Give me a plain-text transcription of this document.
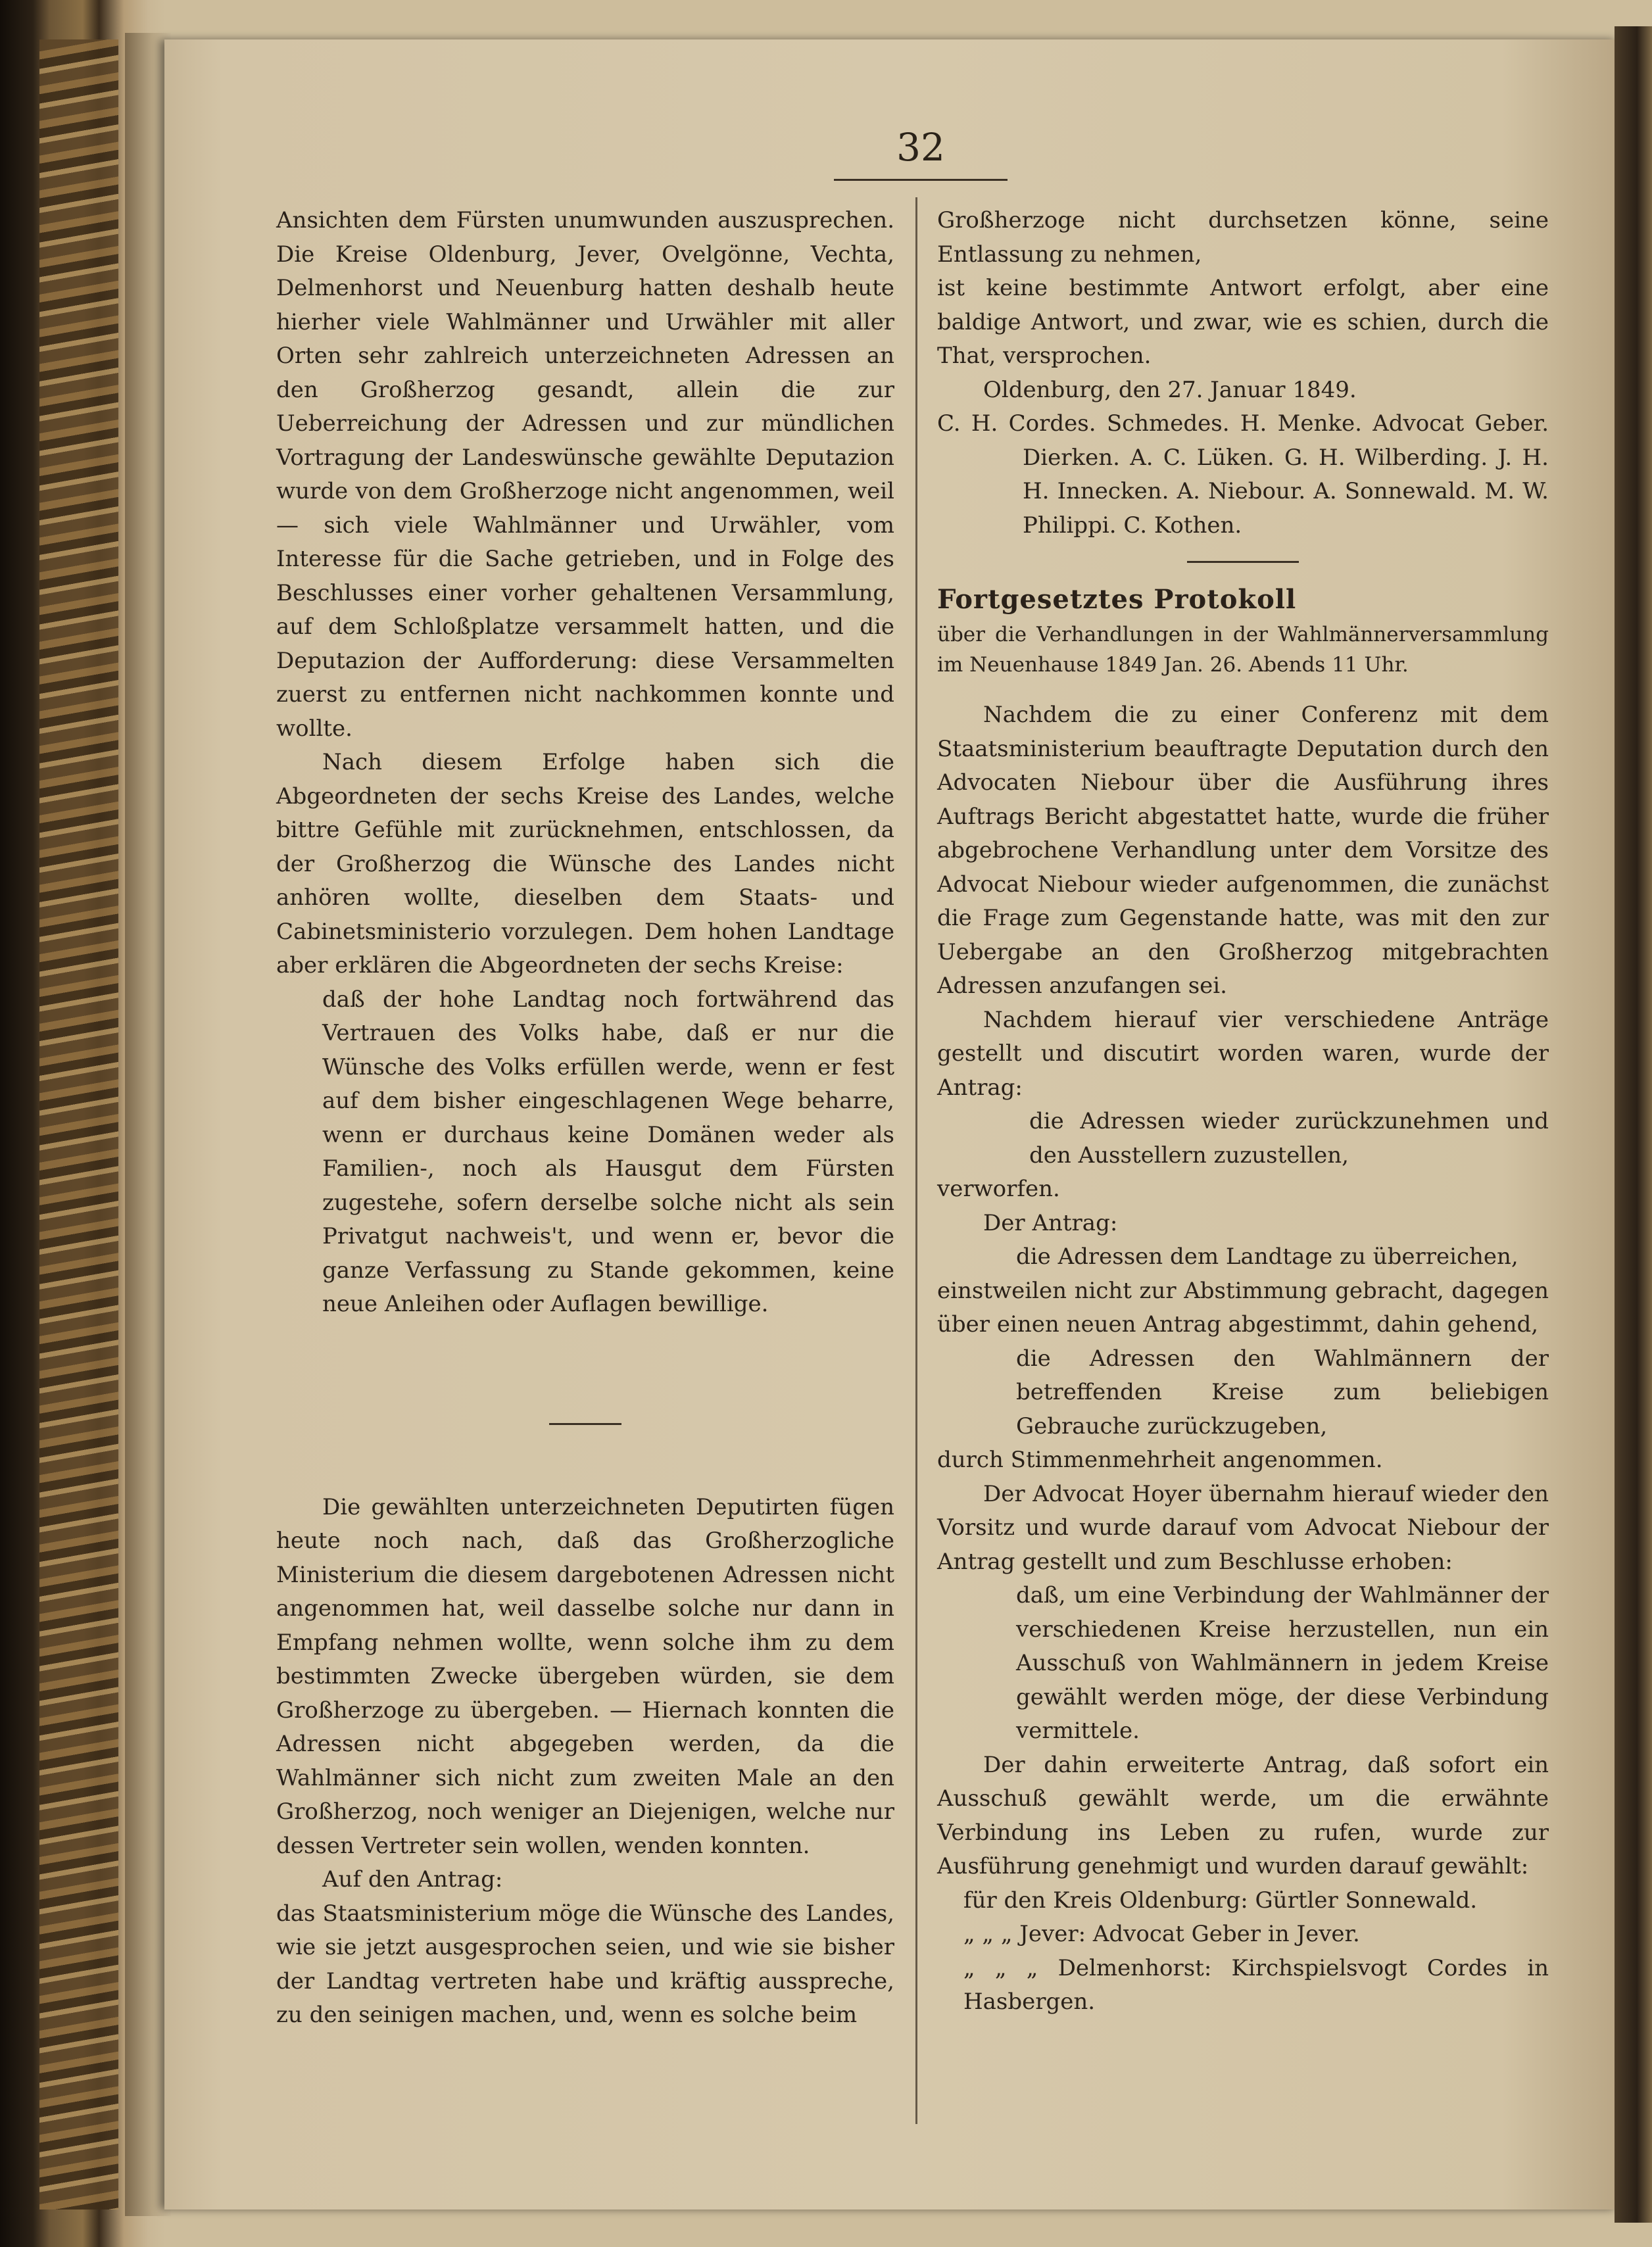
32

Ansichten dem Fürsten unumwunden auszusprechen. Die Kreise Oldenburg, Jever, Ovelgönne, Vechta, Delmenhorst und Neuenburg hatten deshalb heute hierher viele Wahlmänner und Urwähler mit aller Orten sehr zahlreich unterzeichneten Adressen an den Großherzog gesandt, allein die zur Ueberreichung der Adressen und zur mündlichen Vortragung der Landeswünsche gewählte Deputazion wurde von dem Großherzoge nicht angenommen, weil — sich viele Wahlmänner und Urwähler, vom Interesse für die Sache getrieben, und in Folge des Beschlusses einer vorher gehaltenen Versammlung, auf dem Schloßplatze versammelt hatten, und die Deputazion der Aufforderung: diese Versammelten zuerst zu entfernen nicht nachkommen konnte und wollte.

Nach diesem Erfolge haben sich die Abgeordneten der sechs Kreise des Landes, welche bittre Gefühle mit zurücknehmen, entschlossen, da der Großherzog die Wünsche des Landes nicht anhören wollte, dieselben dem Staats- und Cabinetsministerio vorzulegen. Dem hohen Landtage aber erklären die Abgeordneten der sechs Kreise:

daß der hohe Landtag noch fortwährend das Vertrauen des Volks habe, daß er nur die Wünsche des Volks erfüllen werde, wenn er fest auf dem bisher eingeschlagenen Wege beharre, wenn er durchaus keine Domänen weder als Familien-, noch als Hausgut dem Fürsten zugestehe, sofern derselbe solche nicht als sein Privatgut nachweis't, und wenn er, bevor die ganze Verfassung zu Stande gekommen, keine neue Anleihen oder Auflagen bewillige.

Die gewählten unterzeichneten Deputirten fügen heute noch nach, daß das Großherzogliche Ministerium die diesem dargebotenen Adressen nicht angenommen hat, weil dasselbe solche nur dann in Empfang nehmen wollte, wenn solche ihm zu dem bestimmten Zwecke übergeben würden, sie dem Großherzoge zu übergeben. — Hiernach konnten die Adressen nicht abgegeben werden, da die Wahlmänner sich nicht zum zweiten Male an den Großherzog, noch weniger an Diejenigen, welche nur dessen Vertreter sein wollen, wenden konnten.

Auf den Antrag:

das Staatsministerium möge die Wünsche des Landes, wie sie jetzt ausgesprochen seien, und wie sie bisher der Landtag vertreten habe und kräftig ausspreche, zu den seinigen machen, und, wenn es solche beim

Großherzoge nicht durchsetzen könne, seine Entlassung zu nehmen,

ist keine bestimmte Antwort erfolgt, aber eine baldige Antwort, und zwar, wie es schien, durch die That, versprochen.

Oldenburg, den 27. Januar 1849.

C. H. Cordes. Schmedes. H. Menke. Advocat Geber. Dierken. A. C. Lüken. G. H. Wilberding. J. H. H. Innecken. A. Niebour. A. Sonnewald. M. W. Philippi. C. Kothen.

Fortgesetztes Protokoll

über die Verhandlungen in der Wahlmännerversammlung im Neuenhause 1849 Jan. 26. Abends 11 Uhr.

Nachdem die zu einer Conferenz mit dem Staatsministerium beauftragte Deputation durch den Advocaten Niebour über die Ausführung ihres Auftrags Bericht abgestattet hatte, wurde die früher abgebrochene Verhandlung unter dem Vorsitze des Advocat Niebour wieder aufgenommen, die zunächst die Frage zum Gegenstande hatte, was mit den zur Uebergabe an den Großherzog mitgebrachten Adressen anzufangen sei.

Nachdem hierauf vier verschiedene Anträge gestellt und discutirt worden waren, wurde der Antrag:

die Adressen wieder zurückzunehmen und den Ausstellern zuzustellen,

verworfen.

Der Antrag:

die Adressen dem Landtage zu überreichen,

einstweilen nicht zur Abstimmung gebracht, dagegen über einen neuen Antrag abgestimmt, dahin gehend,

die Adressen den Wahlmännern der betreffenden Kreise zum beliebigen Gebrauche zurückzugeben,

durch Stimmenmehrheit angenommen.

Der Advocat Hoyer übernahm hierauf wieder den Vorsitz und wurde darauf vom Advocat Niebour der Antrag gestellt und zum Beschlusse erhoben:

daß, um eine Verbindung der Wahlmänner der verschiedenen Kreise herzustellen, nun ein Ausschuß von Wahlmännern in jedem Kreise gewählt werden möge, der diese Verbindung vermittele.

Der dahin erweiterte Antrag, daß sofort ein Ausschuß gewählt werde, um die erwähnte Verbindung ins Leben zu rufen, wurde zur Ausführung genehmigt und wurden darauf gewählt:

für den Kreis Oldenburg: Gürtler Sonnewald.

„ „ „ Jever: Advocat Geber in Jever.

„ „ „ Delmenhorst: Kirchspielsvogt Cordes in Hasbergen.
